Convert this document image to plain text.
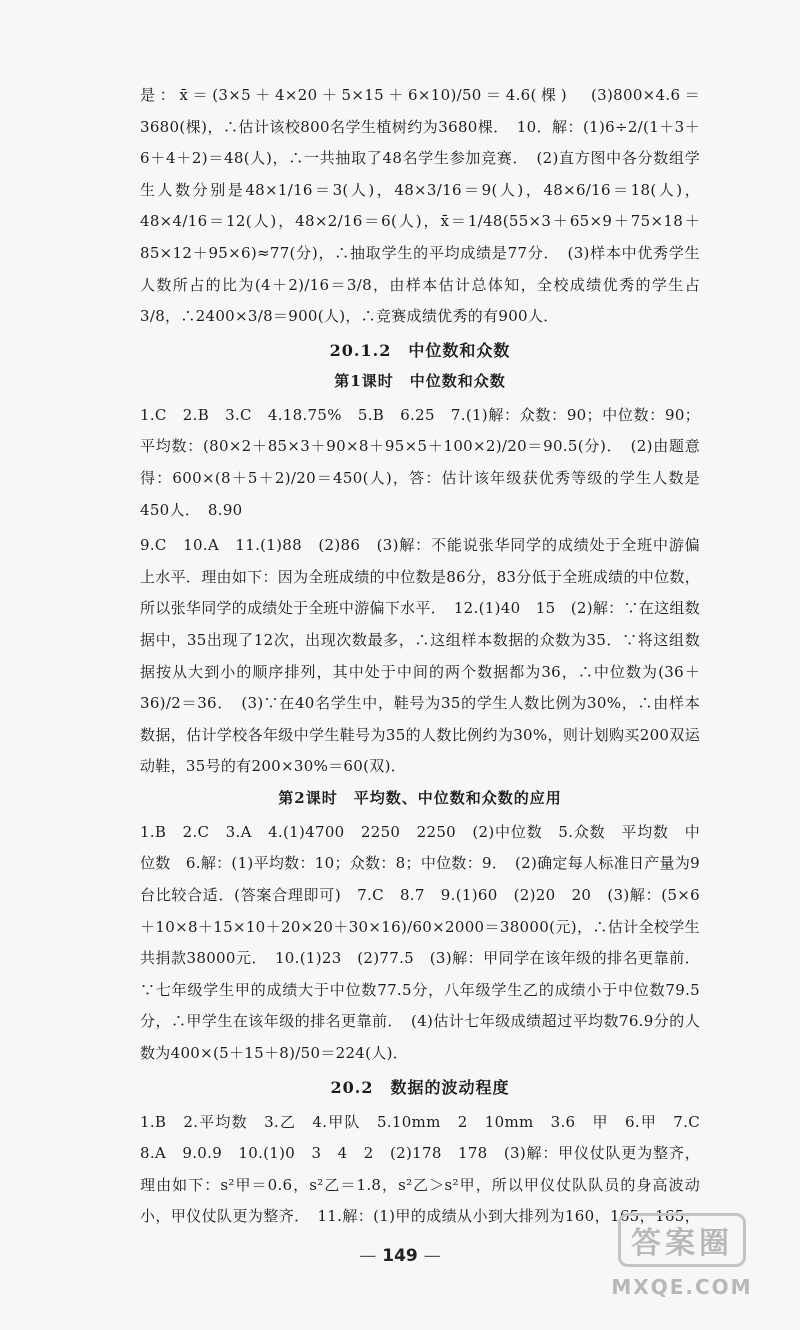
是：x̄＝(3×5＋4×20＋5×15＋6×10)/50＝4.6(棵)　(3)800×4.6＝3680(棵)，∴估计该校800名学生植树约为3680棵．　10．解：(1)6÷2/(1＋3＋6＋4＋2)＝48(人)，∴一共抽取了48名学生参加竞赛．　(2)直方图中各分数组学生人数分别是48×1/16＝3(人)，48×3/16＝9(人)，48×6/16＝18(人)，48×4/16＝12(人)，48×2/16＝6(人)，x̄＝1/48(55×3＋65×9＋75×18＋85×12＋95×6)≈77(分)，∴抽取学生的平均成绩是77分．　(3)样本中优秀学生人数所占的比为(4＋2)/16＝3/8，由样本估计总体知，全校成绩优秀的学生占3/8，∴2400×3/8＝900(人)，∴竞赛成绩优秀的有900人．

20.1.2　中位数和众数

第1课时　中位数和众数

1.C　2.B　3.C　4.18.75%　5.B　6.25　7.(1)解：众数：90；中位数：90；平均数：(80×2＋85×3＋90×8＋95×5＋100×2)/20＝90.5(分)．　(2)由题意得：600×(8＋5＋2)/20＝450(人)，答：估计该年级获优秀等级的学生人数是450人．　8.90

9.C　10.A　11.(1)88　(2)86　(3)解：不能说张华同学的成绩处于全班中游偏上水平．理由如下：因为全班成绩的中位数是86分，83分低于全班成绩的中位数，所以张华同学的成绩处于全班中游偏下水平．　12.(1)40　15　(2)解：∵在这组数据中，35出现了12次，出现次数最多，∴这组样本数据的众数为35．∵将这组数据按从大到小的顺序排列，其中处于中间的两个数据都为36，∴中位数为(36＋36)/2＝36．　(3)∵在40名学生中，鞋号为35的学生人数比例为30%，∴由样本数据，估计学校各年级中学生鞋号为35的人数比例约为30%，则计划购买200双运动鞋，35号的有200×30%＝60(双)．

第2课时　平均数、中位数和众数的应用

1.B　2.C　3.A　4.(1)4700　2250　2250　(2)中位数　5.众数　平均数　中位数　6.解：(1)平均数：10；众数：8；中位数：9．　(2)确定每人标准日产量为9台比较合适．(答案合理即可)　7.C　8.7　9.(1)60　(2)20　20　(3)解：(5×6＋10×8＋15×10＋20×20＋30×16)/60×2000＝38000(元)，∴估计全校学生共捐款38000元．　10.(1)23　(2)77.5　(3)解：甲同学在该年级的排名更靠前．∵七年级学生甲的成绩大于中位数77.5分，八年级学生乙的成绩小于中位数79.5分，∴甲学生在该年级的排名更靠前．　(4)估计七年级成绩超过平均数76.9分的人数为400×(5＋15＋8)/50＝224(人)．

20.2　数据的波动程度

1.B　2.平均数　3.乙　4.甲队　5.10mm　2　10mm　3.6　甲　6.甲　7.C　8.A　9.0.9　10.(1)0　3　4　2　(2)178　178　(3)解：甲仪仗队更为整齐，理由如下：s²甲＝0.6，s²乙＝1.8，s²乙＞s²甲，所以甲仪仗队队员的身高波动小，甲仪仗队更为整齐．　11.解：(1)甲的成绩从小到大排列为160，165，165，　　

— 149 —	答案圈
MXQE.COM
